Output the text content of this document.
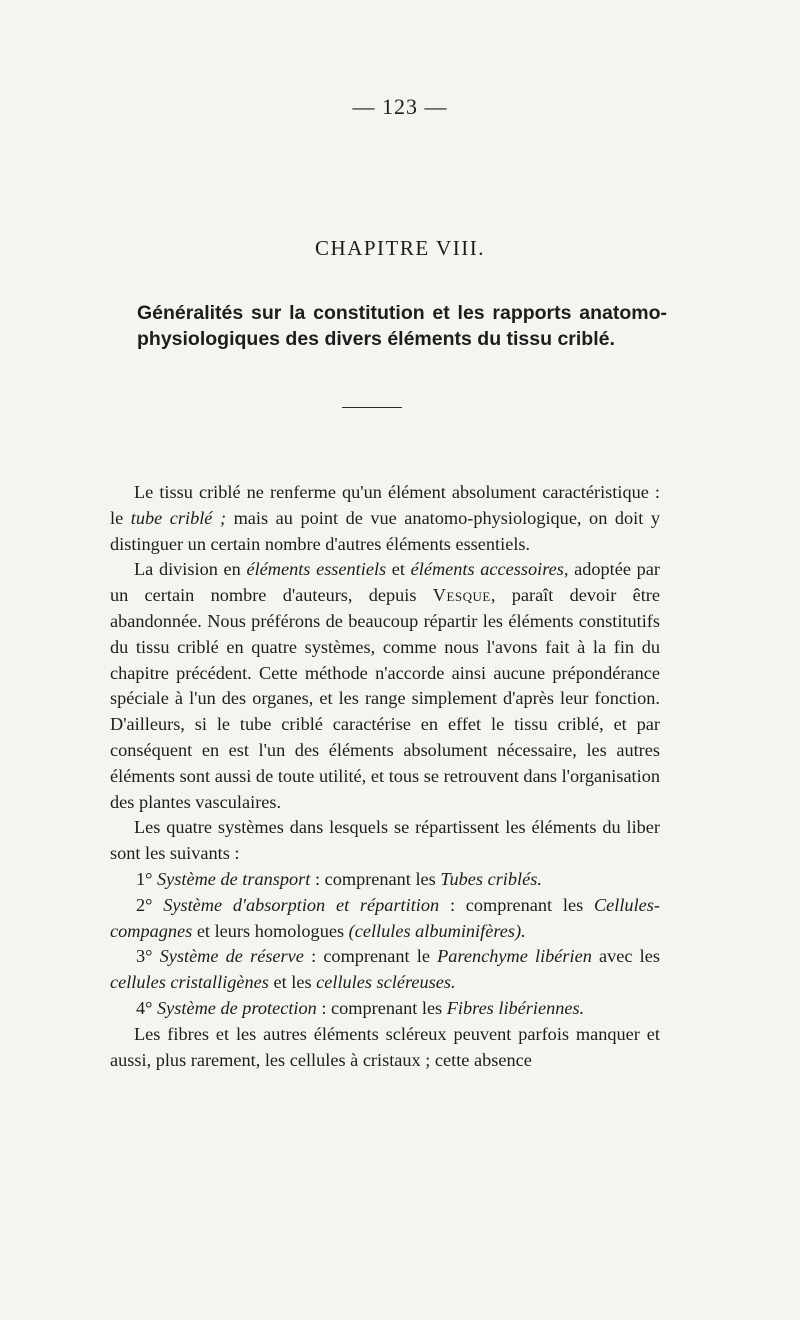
— 123 —
CHAPITRE VIII.
Généralités sur la constitution et les rapports anatomo-physiologiques des divers éléments du tissu criblé.

Le tissu criblé ne renferme qu'un élément absolument caractéristique : le tube criblé ; mais au point de vue anatomo-physiologique, on doit y distinguer un certain nombre d'autres éléments essentiels.

La division en éléments essentiels et éléments accessoires, adoptée par un certain nombre d'auteurs, depuis Vesque, paraît devoir être abandonnée. Nous préférons de beaucoup répartir les éléments constitutifs du tissu criblé en quatre systèmes, comme nous l'avons fait à la fin du chapitre précédent. Cette méthode n'accorde ainsi aucune prépondérance spéciale à l'un des organes, et les range simplement d'après leur fonction. D'ailleurs, si le tube criblé caractérise en effet le tissu criblé, et par conséquent en est l'un des éléments absolument nécessaire, les autres éléments sont aussi de toute utilité, et tous se retrouvent dans l'organisation des plantes vasculaires.

Les quatre systèmes dans lesquels se répartissent les éléments du liber sont les suivants :

1° Système de transport : comprenant les Tubes criblés.

2° Système d'absorption et répartition : comprenant les Cellules-compagnes et leurs homologues (cellules albuminifères).

3° Système de réserve : comprenant le Parenchyme libérien avec les cellules cristalligènes et les cellules scléreuses.

4° Système de protection : comprenant les Fibres libériennes.

Les fibres et les autres éléments scléreux peuvent parfois manquer et aussi, plus rarement, les cellules à cristaux ; cette absence
